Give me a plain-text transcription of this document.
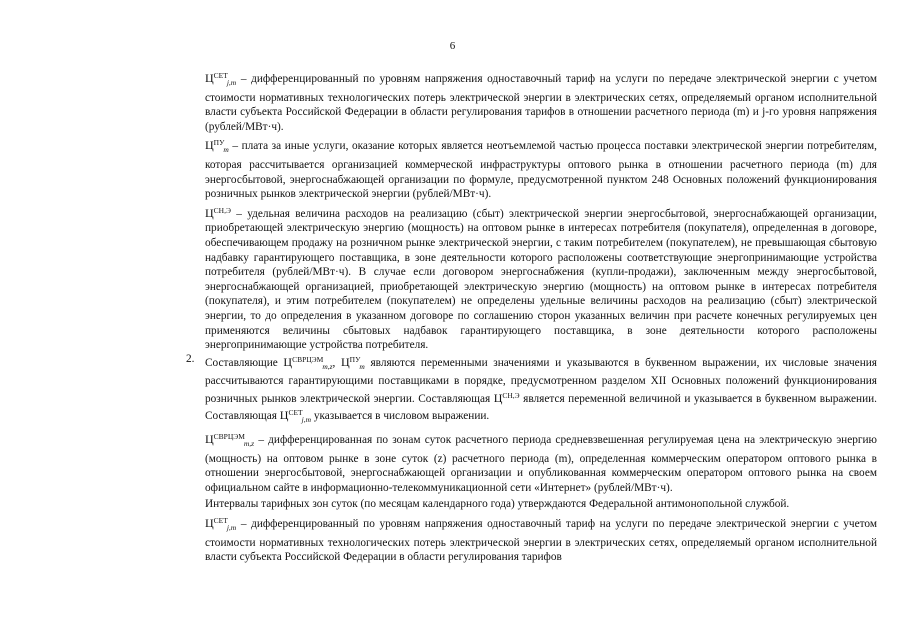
6

$Ц^{СЕТ}_{j,m}$ – дифференцированный по уровням напряжения одноставочный тариф на услуги по передаче электрической энергии с учетом стоимости нормативных технологических потерь электрической энергии в электрических сетях, определяемый органом исполнительной власти субъекта Российской Федерации в области регулирования тарифов в отношении расчетного периода (m) и j-го уровня напряжения (рублей/МВт·ч).

$Ц^{ПУ}_m$ – плата за иные услуги, оказание которых является неотъемлемой частью процесса поставки электрической энергии потребителям, которая рассчитывается организацией коммерческой инфраструктуры оптового рынка в отношении расчетного периода (m) для энергосбытовой, энергоснабжающей организации по формуле, предусмотренной пунктом 248 Основных положений функционирования розничных рынков электрической энергии (рублей/МВт·ч).

$Ц^{СН,Э}$ – удельная величина расходов на реализацию (сбыт) электрической энергии энергосбытовой, энергоснабжающей организации, приобретающей электрическую энергию (мощность) на оптовом рынке в интересах потребителя (покупателя), определенная в договоре, обеспечивающем продажу на розничном рынке электрической энергии, с таким потребителем (покупателем), не превышающая сбытовую надбавку гарантирующего поставщика, в зоне деятельности которого расположены соответствующие энергопринимающие устройства потребителя (рублей/МВт·ч). В случае если договором энергоснабжения (купли-продажи), заключенным между энергосбытовой, энергоснабжающей организацией, приобретающей электрическую энергию (мощность) на оптовом рынке в интересах потребителя (покупателя), и этим потребителем (покупателем) не определены удельные величины расходов на реализацию (сбыт) электрической энергии, то до определения в указанном договоре по соглашению сторон указанных величин при расчете конечных регулируемых цен применяются величины сбытовых надбавок гарантирующего поставщика, в зоне деятельности которого расположены энергопринимающие устройства потребителя.

Составляющие $Ц^{СВРЦЭМ}_{m,z}$, $Ц^{ПУ}_m$ являются переменными значениями и указываются в буквенном выражении, их числовые значения рассчитываются гарантирующими поставщиками в порядке, предусмотренном разделом XII Основных положений функционирования розничных рынков электрической энергии. Составляющая $Ц^{СН,Э}$ является переменной величиной и указывается в буквенном выражении. Составляющая $Ц^{СЕТ}_{j,m}$ указывается в числовом выражении.

$Ц^{СВРЦЭМ}_{m,z}$ – дифференцированная по зонам суток расчетного периода средневзвешенная регулируемая цена на электрическую энергию (мощность) на оптовом рынке в зоне суток (z) расчетного периода (m), определенная коммерческим оператором оптового рынка в отношении энергосбытовой, энергоснабжающей организации и опубликованная коммерческим оператором оптового рынка на своем официальном сайте в информационно-телекоммуникационной сети «Интернет» (рублей/МВт·ч).

Интервалы тарифных зон суток (по месяцам календарного года) утверждаются Федеральной антимонопольной службой.

$Ц^{СЕТ}_{j,m}$ – дифференцированный по уровням напряжения одноставочный тариф на услуги по передаче электрической энергии с учетом стоимости нормативных технологических потерь электрической энергии в электрических сетях, определяемый органом исполнительной власти субъекта Российской Федерации в области регулирования тарифов

2.
